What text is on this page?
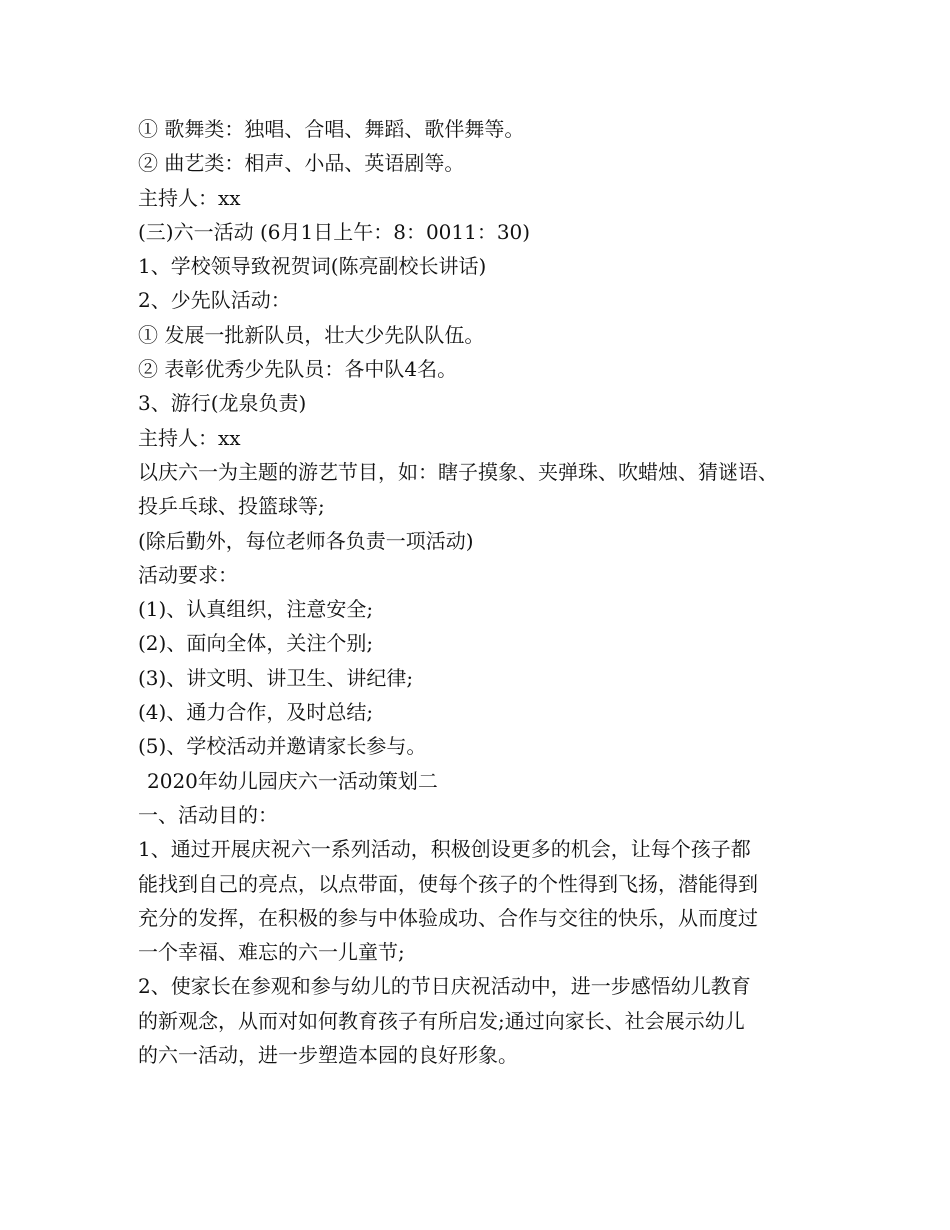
① 歌舞类：独唱、合唱、舞蹈、歌伴舞等。
② 曲艺类：相声、小品、英语剧等。
主持人：xx
(三)六一活动 (6月1日上午：8：0011：30)
1、学校领导致祝贺词(陈亮副校长讲话)
2、少先队活动：
① 发展一批新队员，壮大少先队队伍。
② 表彰优秀少先队员：各中队4名。
3、游行(龙泉负责)
主持人：xx
以庆六一为主题的游艺节目，如：瞎子摸象、夹弹珠、吹蜡烛、猜谜语、
投乒乓球、投篮球等;
(除后勤外，每位老师各负责一项活动)
活动要求：
(1)、认真组织，注意安全;
(2)、面向全体，关注个别;
(3)、讲文明、讲卫生、讲纪律;
(4)、通力合作，及时总结;
(5)、学校活动并邀请家长参与。
2020年幼儿园庆六一活动策划二
一、活动目的：
1、通过开展庆祝六一系列活动，积极创设更多的机会，让每个孩子都
能找到自己的亮点，以点带面，使每个孩子的个性得到飞扬，潜能得到
充分的发挥，在积极的参与中体验成功、合作与交往的快乐，从而度过
一个幸福、难忘的六一儿童节;
2、使家长在参观和参与幼儿的节日庆祝活动中，进一步感悟幼儿教育
的新观念，从而对如何教育孩子有所启发;通过向家长、社会展示幼儿
的六一活动，进一步塑造本园的良好形象。
